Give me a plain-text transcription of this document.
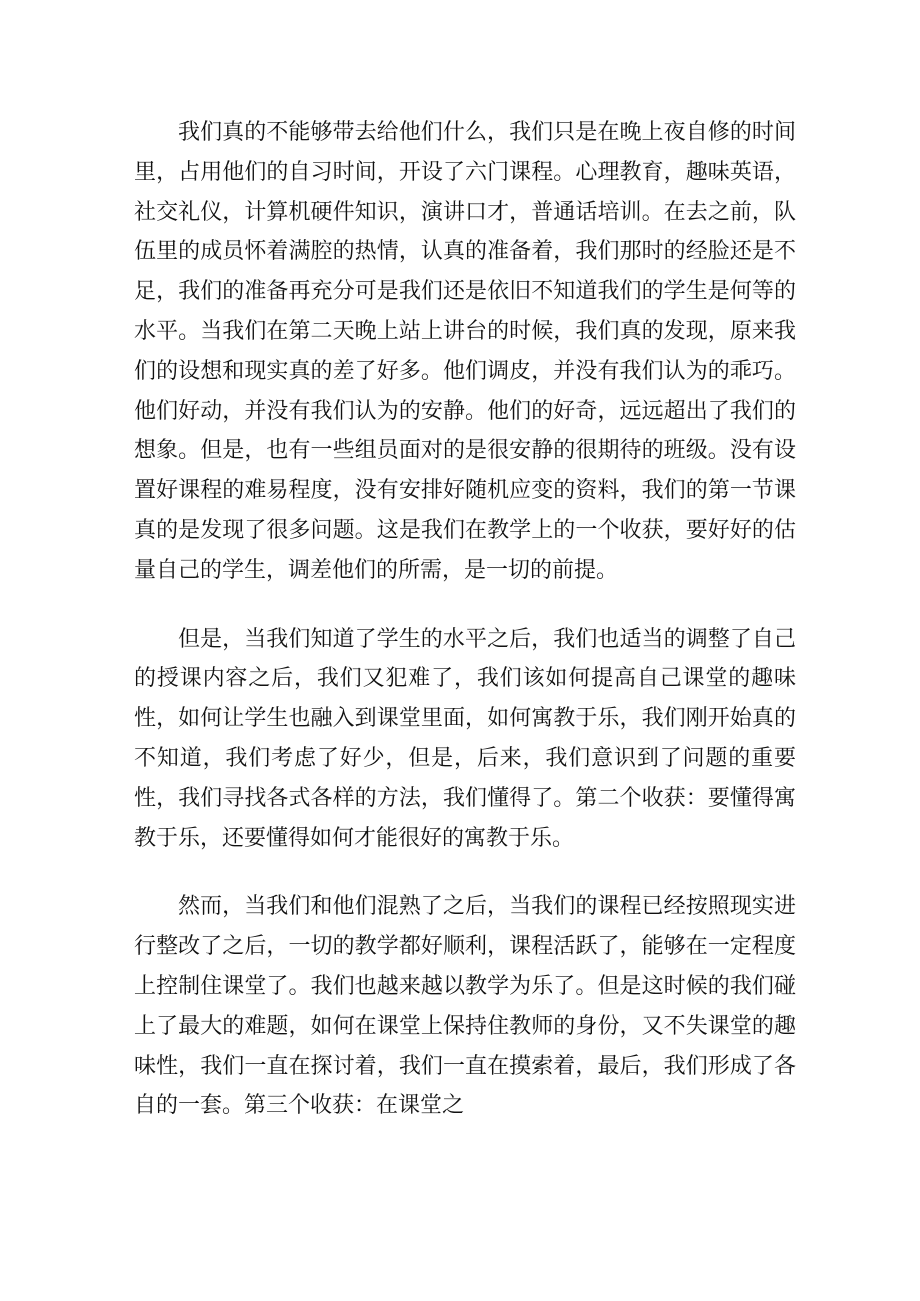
我们真的不能够带去给他们什么，我们只是在晚上夜自修的时间里，占用他们的自习时间，开设了六门课程。心理教育，趣味英语，社交礼仪，计算机硬件知识，演讲口才，普通话培训。在去之前，队伍里的成员怀着满腔的热情，认真的准备着，我们那时的经脸还是不足，我们的准备再充分可是我们还是依旧不知道我们的学生是何等的水平。当我们在第二天晚上站上讲台的时候，我们真的发现，原来我们的设想和现实真的差了好多。他们调皮，并没有我们认为的乖巧。他们好动，并没有我们认为的安静。他们的好奇，远远超出了我们的想象。但是，也有一些组员面对的是很安静的很期待的班级。没有设置好课程的难易程度，没有安排好随机应变的资料，我们的第一节课真的是发现了很多问题。这是我们在教学上的一个收获，要好好的估量自己的学生，调差他们的所需，是一切的前提。

但是，当我们知道了学生的水平之后，我们也适当的调整了自己的授课内容之后，我们又犯难了，我们该如何提高自己课堂的趣味性，如何让学生也融入到课堂里面，如何寓教于乐，我们刚开始真的不知道，我们考虑了好少，但是，后来，我们意识到了问题的重要性，我们寻找各式各样的方法，我们懂得了。第二个收获：要懂得寓教于乐，还要懂得如何才能很好的寓教于乐。

然而，当我们和他们混熟了之后，当我们的课程已经按照现实进行整改了之后，一切的教学都好顺利，课程活跃了，能够在一定程度上控制住课堂了。我们也越来越以教学为乐了。但是这时候的我们碰上了最大的难题，如何在课堂上保持住教师的身份，又不失课堂的趣味性，我们一直在探讨着，我们一直在摸索着，最后，我们形成了各自的一套。第三个收获：在课堂之
